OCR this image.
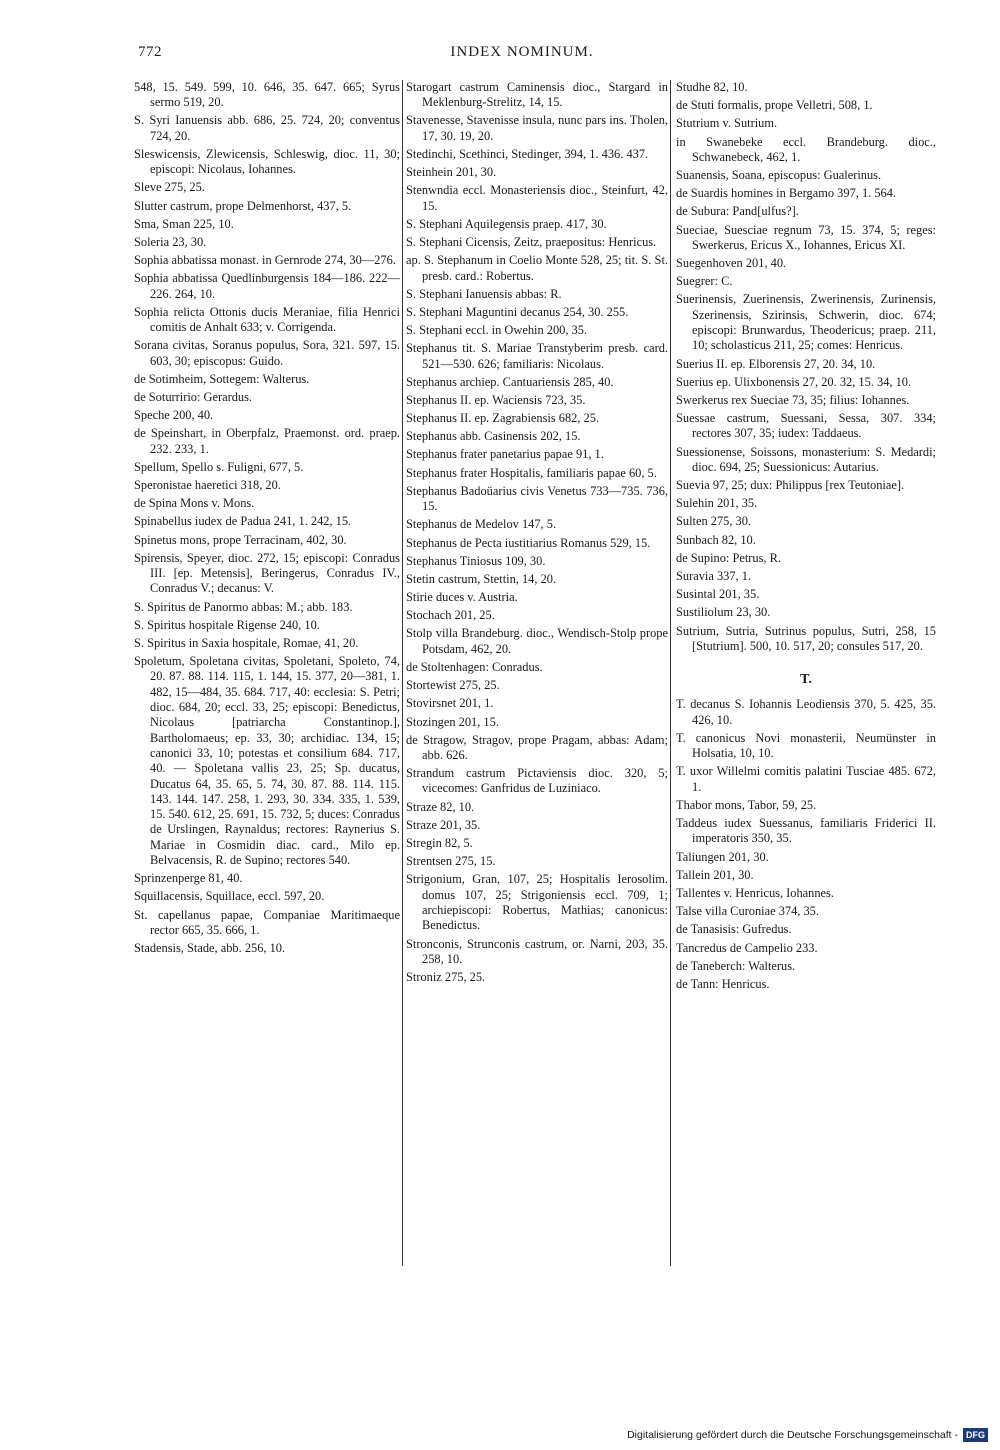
772	INDEX NOMINUM.
548, 15. 549. 599, 10. 646, 35. 647. 665; Syrus sermo 519, 20.
S. Syri Ianuensis abb. 686, 25. 724, 20; conventus 724, 20.
Sleswicensis, Zlewicensis, Schleswig, dioc. 11, 30; episcopi: Nicolaus, Iohannes.
Sleve 275, 25.
Slutter castrum, prope Delmenhorst, 437, 5.
Sma, Sman 225, 10.
Soleria 23, 30.
Sophia abbatissa monast. in Gernrode 274, 30—276.
Sophia abbatissa Quedlinburgensis 184—186. 222—226. 264, 10.
Sophia relicta Ottonis ducis Meraniae, filia Henrici comitis de Anhalt 633; v. Corrigenda.
Sorana civitas, Soranus populus, Sora, 321. 597, 15. 603, 30; episcopus: Guido.
de Sotimheim, Sottegem: Walterus.
de Soturririo: Gerardus.
Speche 200, 40.
de Speinshart, in Oberpfalz, Praemonst. ord. praep. 232. 233, 1.
Spellum, Spello s. Fuligni, 677, 5.
Speronistae haeretici 318, 20.
de Spina Mons v. Mons.
Spinabellus iudex de Padua 241, 1. 242, 15.
Spinetus mons, prope Terracinam, 402, 30.
Spirensis, Speyer, dioc. 272, 15; episcopi: Conradus III. [ep. Metensis], Beringerus, Conradus IV., Conradus V.; decanus: V.
S. Spiritus de Panormo abbas: M.; abb. 183.
S. Spiritus hospitale Rigense 240, 10.
S. Spiritus in Saxia hospitale, Romae, 41, 20.
Spoletum, Spoletana civitas, Spoletani, Spoleto, 74, 20. 87. 88. 114. 115, 1. 144, 15. 377, 20—381, 1. 482, 15—484, 35. 684. 717, 40: ecclesia: S. Petri; dioc. 684, 20; eccl. 33, 25; episcopi: Benedictus, Nicolaus [patriarcha Constantinop.], Bartholomaeus; ep. 33, 30; archidiac. 134, 15; canonici 33, 10; potestas et consilium 684. 717, 40. — Spoletana vallis 23, 25; Sp. ducatus, Ducatus 64, 35. 65, 5. 74, 30. 87. 88. 114. 115. 143. 144. 147. 258, 1. 293, 30. 334. 335, 1. 539, 15. 540. 612, 25. 691, 15. 732, 5; duces: Conradus de Urslingen, Raynaldus; rectores: Raynerius S. Mariae in Cosmidin diac. card., Milo ep. Belvacensis, R. de Supino; rectores 540.
Sprinzenperge 81, 40.
Squillacensis, Squillace, eccl. 597, 20.
St. capellanus papae, Companiae Maritimaeque rector 665, 35. 666, 1.
Stadensis, Stade, abb. 256, 10.
Starogart castrum Caminensis dioc., Stargard in Meklenburg-Strelitz, 14, 15.
Stavenesse, Stavenisse insula, nunc pars ins. Tholen, 17, 30. 19, 20.
Stedinchi, Scethinci, Stedinger, 394, 1. 436. 437.
Steinhein 201, 30.
Stenwndia eccl. Monasteriensis dioc., Steinfurt, 42, 15.
S. Stephani Aquilegensis praep. 417, 30.
S. Stephani Cicensis, Zeitz, praepositus: Henricus.
ap. S. Stephanum in Coelio Monte 528, 25; tit. S. St. presb. card.: Robertus.
S. Stephani Ianuensis abbas: R.
S. Stephani Maguntini decanus 254, 30. 255.
S. Stephani eccl. in Owehin 200, 35.
Stephanus tit. S. Mariae Transtyberim presb. card. 521—530. 626; familiaris: Nicolaus.
Stephanus archiep. Cantuariensis 285, 40.
Stephanus II. ep. Waciensis 723, 35.
Stephanus II. ep. Zagrabiensis 682, 25.
Stephanus abb. Casinensis 202, 15.
Stephanus frater panetarius papae 91, 1.
Stephanus frater Hospitalis, familiaris papae 60, 5.
Stephanus Badoüarius civis Venetus 733—735. 736, 15.
Stephanus de Medelov 147, 5.
Stephanus de Pecta iustitiarius Romanus 529, 15.
Stephanus Tiniosus 109, 30.
Stetin castrum, Stettin, 14, 20.
Stirie duces v. Austria.
Stochach 201, 25.
Stolp villa Brandeburg. dioc., Wendisch-Stolp prope Potsdam, 462, 20.
de Stoltenhagen: Conradus.
Stortewist 275, 25.
Stovirsnet 201, 1.
Stozingen 201, 15.
de Stragow, Stragov, prope Pragam, abbas: Adam; abb. 626.
Strandum castrum Pictaviensis dioc. 320, 5; vicecomes: Ganfridus de Luziniaco.
Straze 82, 10.
Straze 201, 35.
Stregin 82, 5.
Strentsen 275, 15.
Strigonium, Gran, 107, 25; Hospitalis Ierosolim. domus 107, 25; Strigoniensis eccl. 709, 1; archiepiscopi: Robertus, Mathias; canonicus: Benedictus.
Stronconis, Strunconis castrum, or. Narni, 203, 35. 258, 10.
Stroniz 275, 25.
Studhe 82, 10.
de Stuti formalis, prope Velletri, 508, 1.
Stutrium v. Sutrium.
in Swanebeke eccl. Brandeburg. dioc., Schwanebeck, 462, 1.
Suanensis, Soana, episcopus: Gualerinus.
de Suardis homines in Bergamo 397, 1. 564.
de Subura: Pand[ulfus?].
Sueciae, Suesciae regnum 73, 15. 374, 5; reges: Swerkerus, Ericus X., Iohannes, Ericus XI.
Suegenhoven 201, 40.
Suegrer: C.
Suerinensis, Zuerinensis, Zwerinensis, Zurinensis, Szerinensis, Szirinsis, Schwerin, dioc. 674; episcopi: Brunwardus, Theodericus; praep. 211, 10; scholasticus 211, 25; comes: Henricus.
Suerius II. ep. Elborensis 27, 20. 34, 10.
Suerius ep. Ulixbonensis 27, 20. 32, 15. 34, 10.
Swerkerus rex Sueciae 73, 35; filius: Iohannes.
Suessae castrum, Suessani, Sessa, 307. 334; rectores 307, 35; iudex: Taddaeus.
Suessionense, Soissons, monasterium: S. Medardi; dioc. 694, 25; Suessionicus: Autarius.
Suevia 97, 25; dux: Philippus [rex Teutoniae].
Sulehin 201, 35.
Sulten 275, 30.
Sunbach 82, 10.
de Supino: Petrus, R.
Suravia 337, 1.
Susintal 201, 35.
Sustiliolum 23, 30.
Sutrium, Sutria, Sutrinus populus, Sutri, 258, 15 [Stutrium]. 500, 10. 517, 20; consules 517, 20.
T.
T. decanus S. Iohannis Leodiensis 370, 5. 425, 35. 426, 10.
T. canonicus Novi monasterii, Neumünster in Holsatia, 10, 10.
T. uxor Willelmi comitis palatini Tusciae 485. 672, 1.
Thabor mons, Tabor, 59, 25.
Taddeus iudex Suessanus, familiaris Friderici II. imperatoris 350, 35.
Taliungen 201, 30.
Tallein 201, 30.
Tallentes v. Henricus, Iohannes.
Talse villa Curoniae 374, 35.
de Tanasisis: Gufredus.
Tancredus de Campelio 233.
de Taneberch: Walterus.
de Tann: Henricus.
Digitalisierung gefördert durch die Deutsche Forschungsgemeinschaft - DFG
